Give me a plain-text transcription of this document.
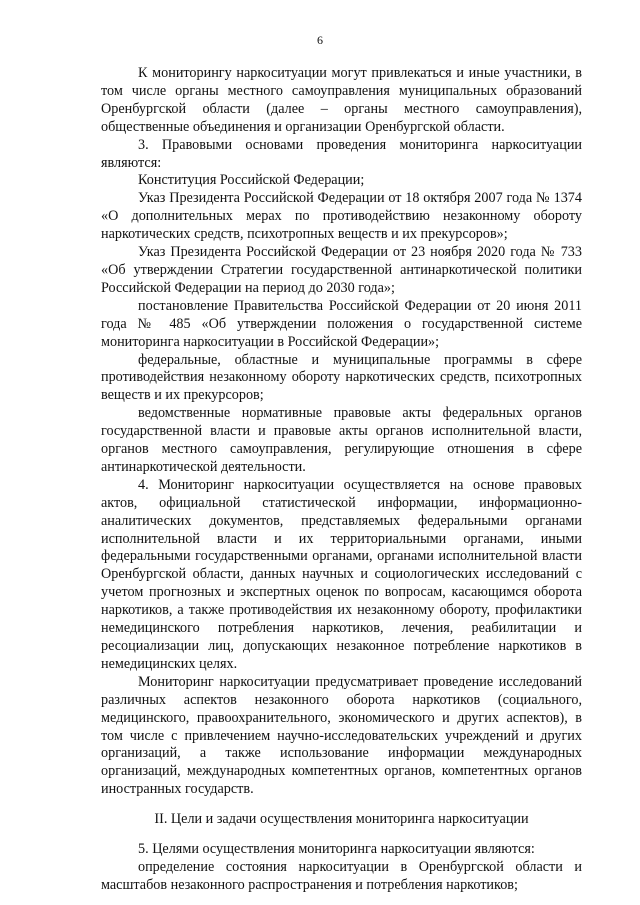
6

К мониторингу наркоситуации могут привлекаться и иные участники, в том числе органы местного самоуправления муниципальных образований Оренбургской области (далее – органы местного самоуправления), общественные объединения и организации Оренбургской области.

3. Правовыми основами проведения мониторинга наркоситуации являются:

Конституция Российской Федерации;

Указ Президента Российской Федерации от 18 октября 2007 года № 1374 «О дополнительных мерах по противодействию незаконному обороту наркотических средств, психотропных веществ и их прекурсоров»;

Указ Президента Российской Федерации от 23 ноября 2020 года № 733 «Об утверждении Стратегии государственной антинаркотической политики Российской Федерации на период до 2030 года»;

постановление Правительства Российской Федерации от 20 июня 2011 года № 485 «Об утверждении положения о государственной системе мониторинга наркоситуации в Российской Федерации»;

федеральные, областные и муниципальные программы в сфере противодействия незаконному обороту наркотических средств, психотропных веществ и их прекурсоров;

ведомственные нормативные правовые акты федеральных органов государственной власти и правовые акты органов исполнительной власти, органов местного самоуправления, регулирующие отношения в сфере антинаркотической деятельности.

4. Мониторинг наркоситуации осуществляется на основе правовых актов, официальной статистической информации, информационно-аналитических документов, представляемых федеральными органами исполнительной власти и их территориальными органами, иными федеральными государственными органами, органами исполнительной власти Оренбургской области, данных научных и социологических исследований с учетом прогнозных и экспертных оценок по вопросам, касающимся оборота наркотиков, а также противодействия их незаконному обороту, профилактики немедицинского потребления наркотиков, лечения, реабилитации и ресоциализации лиц, допускающих незаконное потребление наркотиков в немедицинских целях.

Мониторинг наркоситуации предусматривает проведение исследований различных аспектов незаконного оборота наркотиков (социального, медицинского, правоохранительного, экономического и других аспектов), в том числе с привлечением научно-исследовательских учреждений и других организаций, а также использование информации международных организаций, международных компетентных органов, компетентных органов иностранных государств.

II. Цели и задачи осуществления мониторинга наркоситуации

5. Целями осуществления мониторинга наркоситуации являются:

определение состояния наркоситуации в Оренбургской области и масштабов незаконного распространения и потребления наркотиков;
